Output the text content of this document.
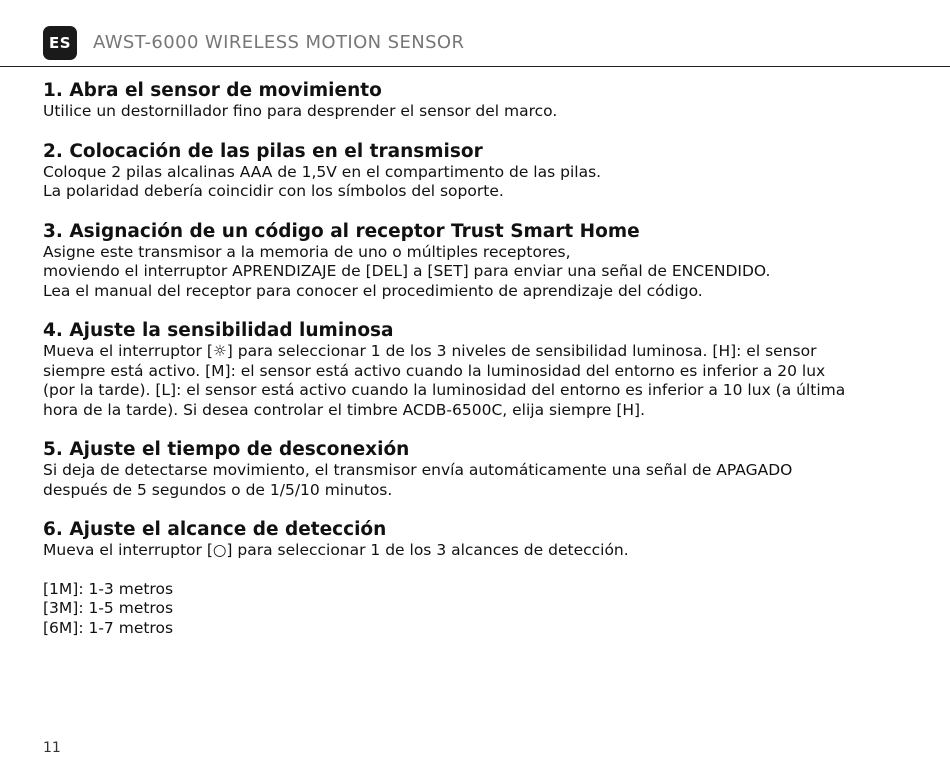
ES	AWST-6000 WIRELESS MOTION SENSOR
1. Abra el sensor de movimiento
Utilice un destornillador fino para desprender el sensor del marco.
2. Colocación de las pilas en el transmisor
Coloque 2 pilas alcalinas AAA de 1,5V en el compartimento de las pilas.
La polaridad debería coincidir con los símbolos del soporte.
3. Asignación de un código al receptor Trust Smart Home
Asigne este transmisor a la memoria de uno o múltiples receptores,
moviendo el interruptor APRENDIZAJE de [DEL] a [SET] para enviar una señal de ENCENDIDO.
Lea el manual del receptor para conocer el procedimiento de aprendizaje del código.
4. Ajuste la sensibilidad luminosa
Mueva el interruptor [☼] para seleccionar 1 de los 3 niveles de sensibilidad luminosa. [H]: el sensor
siempre está activo. [M]: el sensor está activo cuando la luminosidad del entorno es inferior a 20 lux
(por la tarde). [L]: el sensor está activo cuando la luminosidad del entorno es inferior a 10 lux (a última
hora de la tarde). Si desea controlar el timbre ACDB-6500C, elija siempre [H].
5. Ajuste el tiempo de desconexión
Si deja de detectarse movimiento, el transmisor envía automáticamente una señal de APAGADO
después de 5 segundos o de 1/5/10 minutos.
6. Ajuste el alcance de detección
Mueva el interruptor [○] para seleccionar 1 de los 3 alcances de detección.
[1M]: 1-3 metros
[3M]: 1-5 metros
[6M]: 1-7 metros
11
